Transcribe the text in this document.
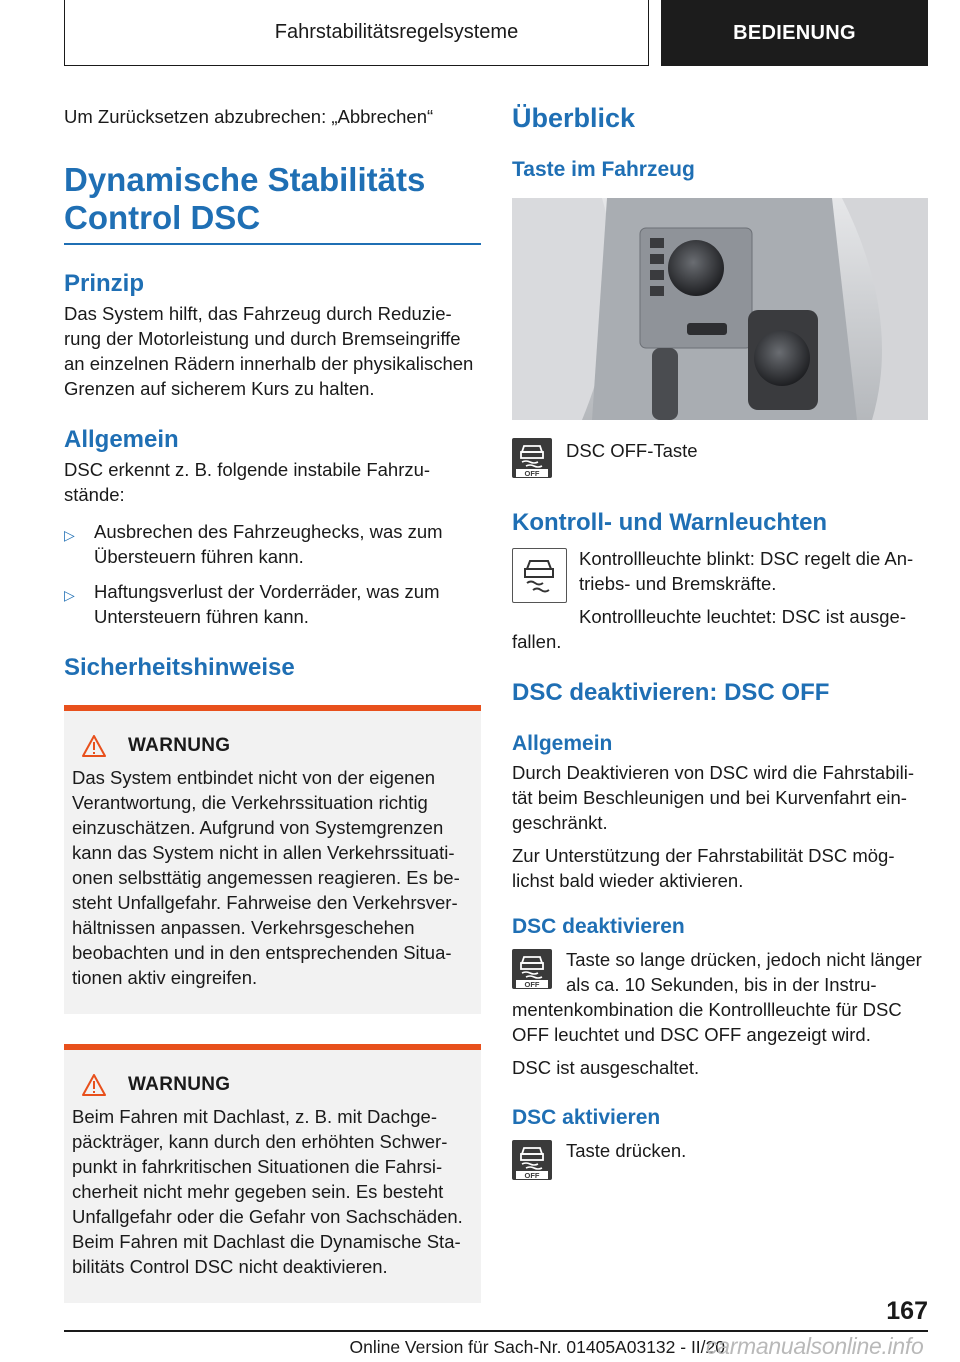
Fahrstabilitätsregelsysteme	BEDIENUNG
Um Zurücksetzen abzubrechen: „Abbrechen“
Dynamische Stabilitäts
Control DSC
Prinzip
Das System hilft, das Fahrzeug durch Reduzierung der Motorleistung und durch Bremseingriffe an einzelnen Rädern innerhalb der physikalischen Grenzen auf sicherem Kurs zu halten.
Allgemein
DSC erkennt z. B. folgende instabile Fahrzustände:
▷ Ausbrechen des Fahrzeughecks, was zum Übersteuern führen kann.
▷ Haftungsverlust der Vorderräder, was zum Untersteuern führen kann.
Sicherheitshinweise
WARNUNG
Das System entbindet nicht von der eigenen Verantwortung, die Verkehrssituation richtig einzuschätzen. Aufgrund von Systemgrenzen kann das System nicht in allen Verkehrssituationen selbsttätig angemessen reagieren. Es besteht Unfallgefahr. Fahrweise den Verkehrsverhältnissen anpassen. Verkehrsgeschehen beobachten und in den entsprechenden Situationen aktiv eingreifen.
WARNUNG
Beim Fahren mit Dachlast, z. B. mit Dachgepäckträger, kann durch den erhöhten Schwerpunkt in fahrkritischen Situationen die Fahrsicherheit nicht mehr gegeben sein. Es besteht Unfallgefahr oder die Gefahr von Sachschäden. Beim Fahren mit Dachlast die Dynamische Stabilitäts Control DSC nicht deaktivieren.
Überblick
Taste im Fahrzeug
OFF
DSC OFF-Taste
Kontroll- und Warnleuchten
Kontrollleuchte blinkt: DSC regelt die Antriebs- und Bremskräfte.
Kontrollleuchte leuchtet: DSC ist ausgefallen.
DSC deaktivieren: DSC OFF
Allgemein
Durch Deaktivieren von DSC wird die Fahrstabilität beim Beschleunigen und bei Kurvenfahrt eingeschränkt.
Zur Unterstützung der Fahrstabilität DSC möglichst bald wieder aktivieren.
DSC deaktivieren
OFF
Taste so lange drücken, jedoch nicht länger als ca. 10 Sekunden, bis in der Instrumentenkombination die Kontrollleuchte für DSC OFF leuchtet und DSC OFF angezeigt wird.
DSC ist ausgeschaltet.
DSC aktivieren
OFF
Taste drücken.
167
Online Version für Sach-Nr. 01405A03132 - II/20
carmanualsonline.info
